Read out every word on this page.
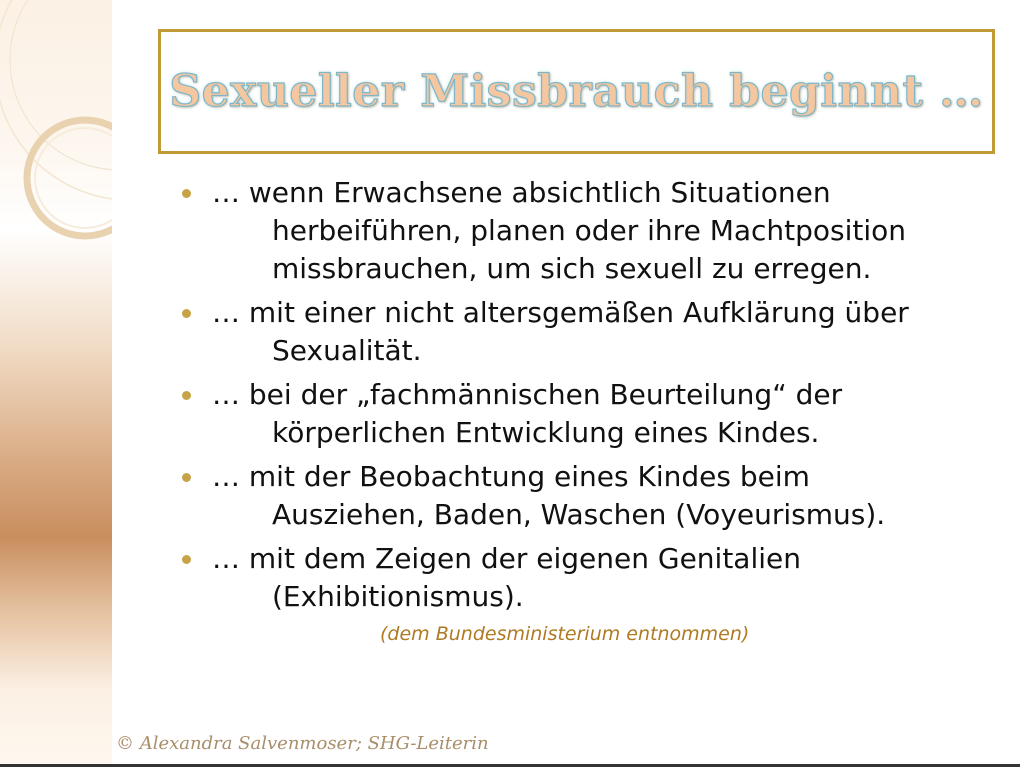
Sexueller Missbrauch beginnt …
… wenn Erwachsene absichtlich Situationen
herbeiführen, planen oder ihre Machtposition
missbrauchen, um sich sexuell zu erregen.
… mit einer nicht altersgemäßen Aufklärung über
Sexualität.
… bei der „fachmännischen Beurteilung“ der
körperlichen Entwicklung eines Kindes.
… mit der Beobachtung eines Kindes beim
Ausziehen, Baden, Waschen (Voyeurismus).
… mit dem Zeigen der eigenen Genitalien
(Exhibitionismus).
(dem Bundesministerium entnommen)
© Alexandra Salvenmoser; SHG-Leiterin
